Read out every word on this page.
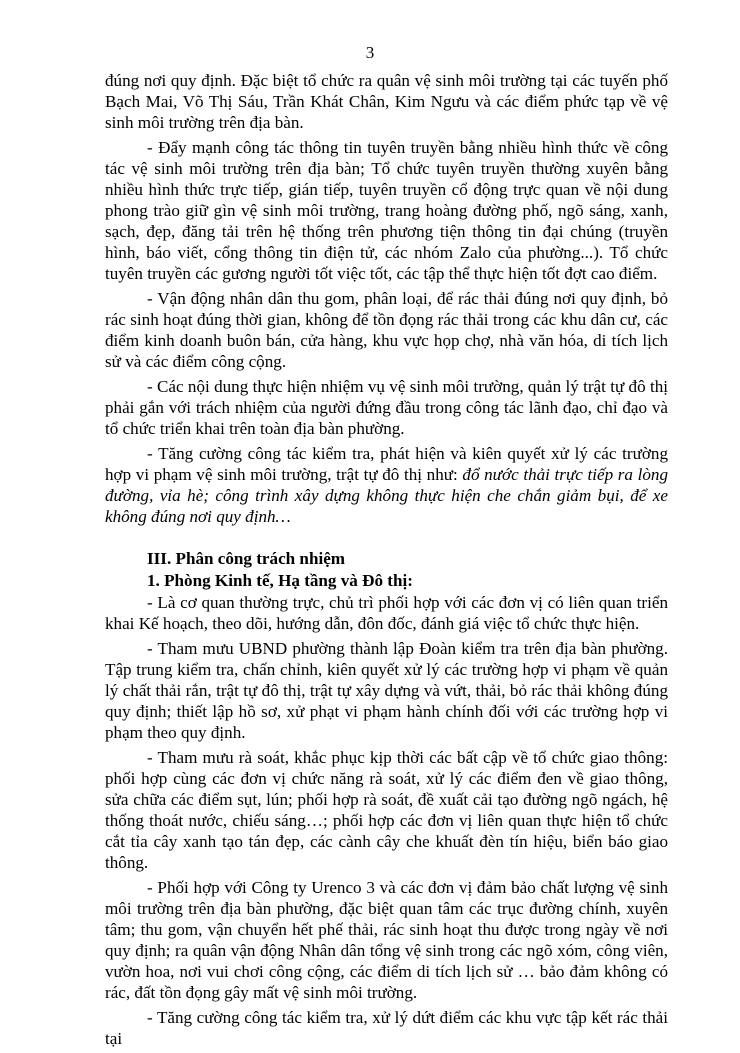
3

đúng nơi quy định. Đặc biệt tổ chức ra quân vệ sinh môi trường tại các tuyến phố Bạch Mai, Võ Thị Sáu, Trần Khát Chân, Kim Ngưu và các điểm phức tạp về vệ sinh môi trường trên địa bàn.

- Đẩy mạnh công tác thông tin tuyên truyền bằng nhiều hình thức về công tác vệ sinh môi trường trên địa bàn; Tổ chức tuyên truyền thường xuyên bằng nhiều hình thức trực tiếp, gián tiếp, tuyên truyền cổ động trực quan về nội dung phong trào giữ gìn vệ sinh môi trường, trang hoàng đường phố, ngõ sáng, xanh, sạch, đẹp, đăng tải trên hệ thống trên phương tiện thông tin đại chúng (truyền hình, báo viết, cổng thông tin điện tử, các nhóm Zalo của phường...). Tổ chức tuyên truyền các gương người tốt việc tốt, các tập thể thực hiện tốt đợt cao điểm.

- Vận động nhân dân thu gom, phân loại, để rác thải đúng nơi quy định, bỏ rác sinh hoạt đúng thời gian, không để tồn đọng rác thải trong các khu dân cư, các điểm kinh doanh buôn bán, cửa hàng, khu vực họp chợ, nhà văn hóa, di tích lịch sử và các điểm công cộng.

- Các nội dung thực hiện nhiệm vụ vệ sinh môi trường, quản lý trật tự đô thị phải gắn với trách nhiệm của người đứng đầu trong công tác lãnh đạo, chỉ đạo và tổ chức triển khai trên toàn địa bàn phường.

- Tăng cường công tác kiểm tra, phát hiện và kiên quyết xử lý các trường hợp vi phạm vệ sinh môi trường, trật tự đô thị như: đổ nước thải trực tiếp ra lòng đường, vỉa hè; công trình xây dựng không thực hiện che chắn giảm bụi, để xe không đúng nơi quy định…

III. Phân công trách nhiệm
1. Phòng Kinh tế, Hạ tầng và Đô thị:

- Là cơ quan thường trực, chủ trì phối hợp với các đơn vị có liên quan triển khai Kế hoạch, theo dõi, hướng dẫn, đôn đốc, đánh giá việc tổ chức thực hiện.

- Tham mưu UBND phường thành lập Đoàn kiểm tra trên địa bàn phường. Tập trung kiểm tra, chấn chỉnh, kiên quyết xử lý các trường hợp vi phạm về quản lý chất thải rắn, trật tự đô thị, trật tự xây dựng và vứt, thải, bỏ rác thải không đúng quy định; thiết lập hồ sơ, xử phạt vi phạm hành chính đối với các trường hợp vi phạm theo quy định.

- Tham mưu rà soát, khắc phục kịp thời các bất cập về tổ chức giao thông: phối hợp cùng các đơn vị chức năng rà soát, xử lý các điểm đen về giao thông, sửa chữa các điểm sụt, lún; phối hợp rà soát, đề xuất cải tạo đường ngõ ngách, hệ thống thoát nước, chiếu sáng…; phối hợp các đơn vị liên quan thực hiện tổ chức cắt tỉa cây xanh tạo tán đẹp, các cành cây che khuất đèn tín hiệu, biển báo giao thông.

- Phối hợp với Công ty Urenco 3 và các đơn vị đảm bảo chất lượng vệ sinh môi trường trên địa bàn phường, đặc biệt quan tâm các trục đường chính, xuyên tâm; thu gom, vận chuyển hết phế thải, rác sinh hoạt thu được trong ngày về nơi quy định; ra quân vận động Nhân dân tổng vệ sinh trong các ngõ xóm, công viên, vườn hoa, nơi vui chơi công cộng, các điểm di tích lịch sử … bảo đảm không có rác, đất tồn đọng gây mất vệ sinh môi trường.

- Tăng cường công tác kiểm tra, xử lý dứt điểm các khu vực tập kết rác thải tại
